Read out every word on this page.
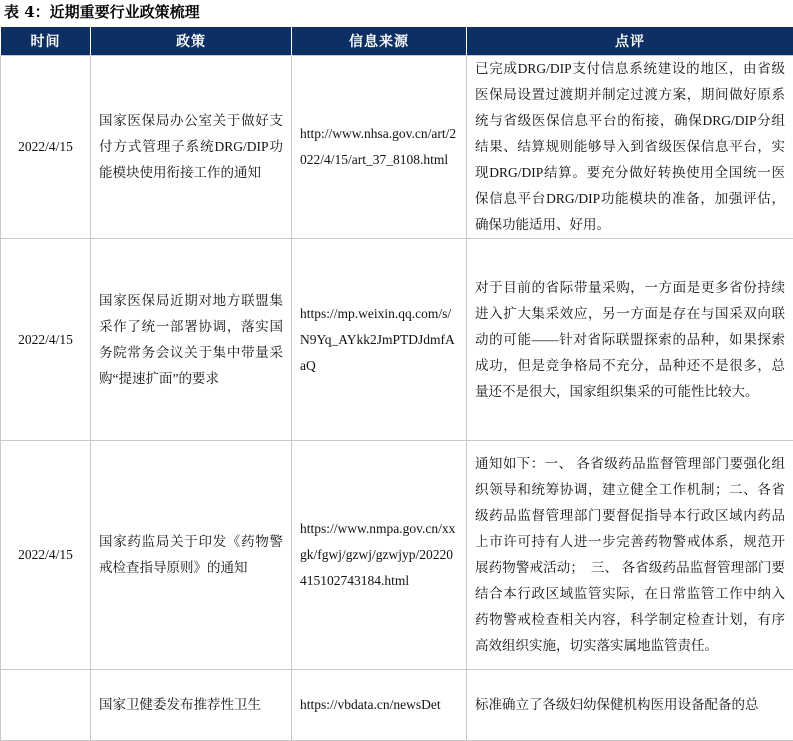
表 4：近期重要行业政策梳理
时间	政策	信息来源	点评
2022/4/15	国家医保局办公室关于做好支付方式管理子系统DRG/DIP功能模块使用衔接工作的通知	http://www.nhsa.gov.cn/art/2022/4/15/art_37_8108.html	已完成DRG/DIP支付信息系统建设的地区，由省级医保局设置过渡期并制定过渡方案，期间做好原系统与省级医保信息平台的衔接，确保DRG/DIP分组结果、结算规则能够导入到省级医保信息平台，实现DRG/DIP结算。要充分做好转换使用全国统一医保信息平台DRG/DIP功能模块的准备，加强评估，确保功能适用、好用。
2022/4/15	国家医保局近期对地方联盟集采作了统一部署协调，落实国务院常务会议关于集中带量采购“提速扩面”的要求	https://mp.weixin.qq.com/s/N9Yq_AYkk2JmPTDJdmfAaQ	对于目前的省际带量采购，一方面是更多省份持续进入扩大集采效应，另一方面是存在与国采双向联动的可能——针对省际联盟探索的品种，如果探索成功，但是竞争格局不充分，品种还不是很多，总量还不是很大，国家组织集采的可能性比较大。
2022/4/15	国家药监局关于印发《药物警戒检查指导原则》的通知	https://www.nmpa.gov.cn/xxgk/fgwj/gzwj/gzwjyp/20220415102743184.html	通知如下：一、 各省级药品监督管理部门要强化组织领导和统筹协调，建立健全工作机制；二、各省级药品监督管理部门要督促指导本行政区域内药品上市许可持有人进一步完善药物警戒体系，规范开展药物警戒活动；　三、 各省级药品监督管理部门要结合本行政区域监管实际，在日常监管工作中纳入药物警戒检查相关内容，科学制定检查计划，有序高效组织实施，切实落实属地监管责任。
	国家卫健委发布推荐性卫生	https://vbdata.cn/newsDet	标准确立了各级妇幼保健机构医用设备配备的总
